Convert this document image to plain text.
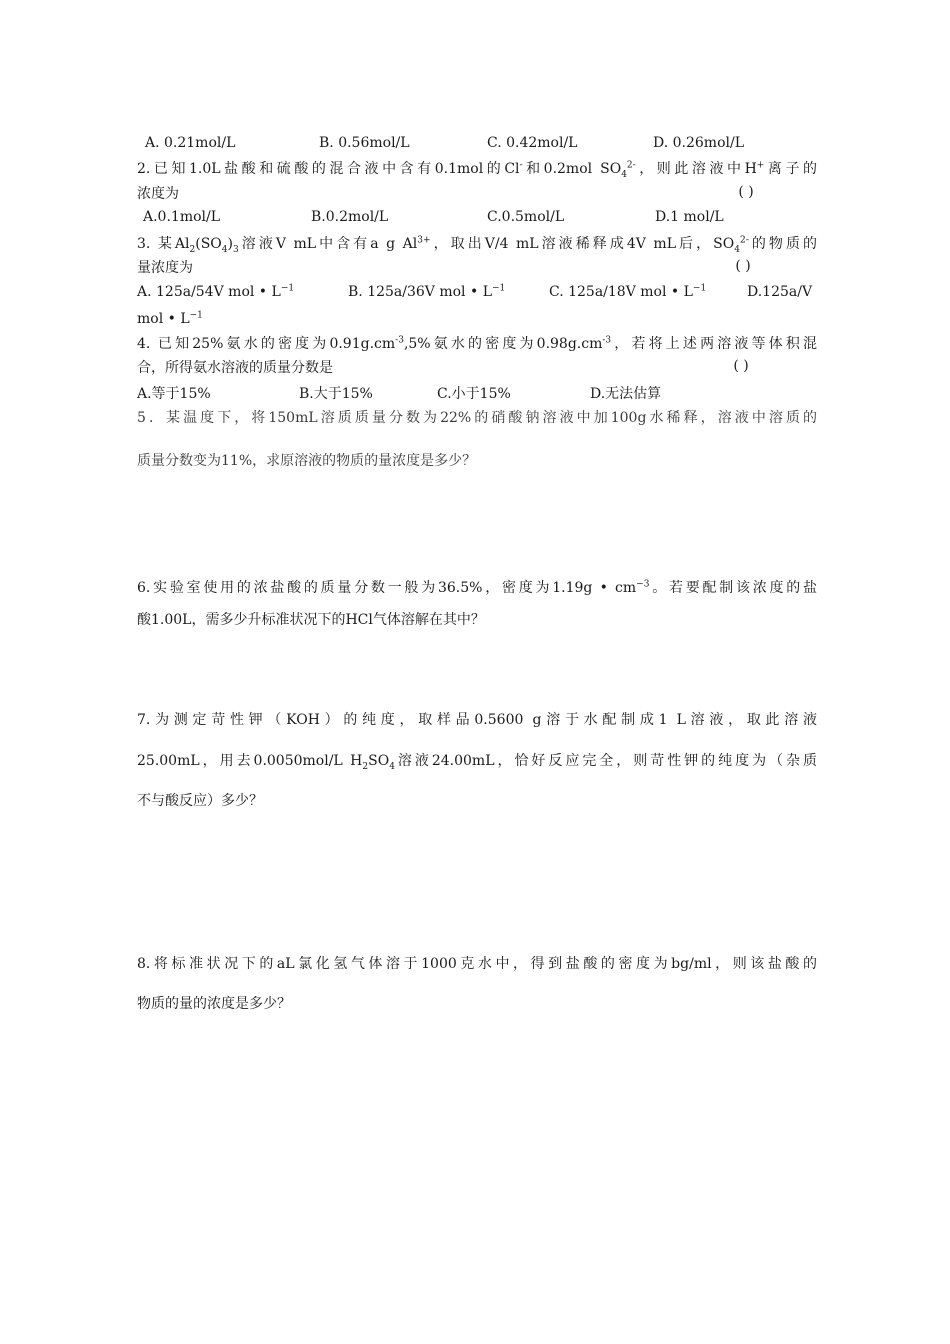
A. 0.21mol/L	B. 0.56mol/L	C. 0.42mol/L	D. 0.26mol/L
2.已知1.0L盐酸和硫酸的混合液中含有0.1mol的Cl-和0.2mol $SO_4^{2-}$，则此溶液中H+离子的
浓度为	( )
A.0.1mol/L	B.0.2mol/L	C.0.5mol/L	D.1 mol/L
3. 某$Al_2(SO_4)_3$溶液V mL中含有a g $Al^{3+}$，取出V/4 mL溶液稀释成4V mL后，$SO_4^{2-}$的物质的
量浓度为	( )
A. 125a/54V mol • $L^{-1}$	B. 125a/36V mol • $L^{-1}$	C. 125a/18V mol • $L^{-1}$	D.125a/V
mol • $L^{-1}$
4. 已知25%氨水的密度为$0.91g.cm^{-3},5\%$氨水的密度为$0.98g.cm^{-3}$，若将上述两溶液等体积混
合，所得氨水溶液的质量分数是	( )
A.等于15%	B.大于15%	C.小于15%	D.无法估算
5．某温度下，将150mL溶质质量分数为22%的硝酸钠溶液中加100g水稀释，溶液中溶质的
质量分数变为11%，求原溶液的物质的量浓度是多少？
6.实验室使用的浓盐酸的质量分数一般为36.5%，密度为1.19g • $cm^{-3}$。若要配制该浓度的盐
酸1.00L，需多少升标准状况下的HCl气体溶解在其中？
7.为测定苛性钾（KOH）的纯度，取样品0.5600 g溶于水配制成1 L溶液，取此溶液
25.00mL，用去0.0050mol/L $H_2SO_4$溶液24.00mL，恰好反应完全，则苛性钾的纯度为（杂质
不与酸反应）多少？
8.将标准状况下的aL氯化氢气体溶于1000克水中，得到盐酸的密度为bg/ml，则该盐酸的
物质的量的浓度是多少？
